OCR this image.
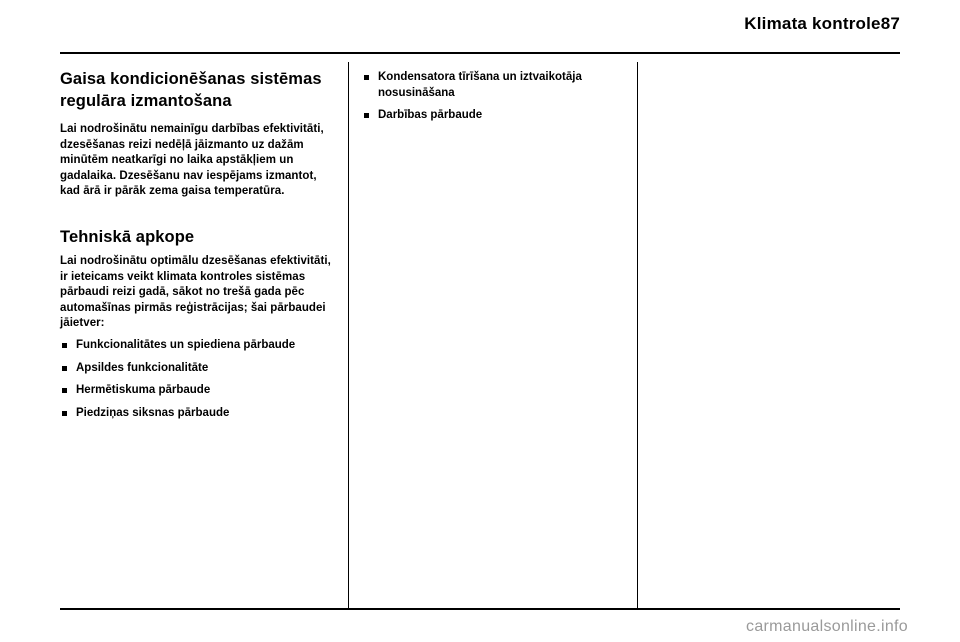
Klimata kontrole87
Gaisa kondicionēšanas sistēmas regulāra izmantošana

Lai nodrošinātu nemainīgu darbības efektivitāti, dzesēšanas reizi nedēļā jāizmanto uz dažām minūtēm neatkarīgi no laika apstākļiem un gadalaika. Dzesēšanu nav iespējams izmantot, kad ārā ir pārāk zema gaisa temperatūra.

Tehniskā apkope

Lai nodrošinātu optimālu dzesēšanas efektivitāti, ir ieteicams veikt klimata kontroles sistēmas pārbaudi reizi gadā, sākot no trešā gada pēc automašīnas pirmās reģistrācijas; šai pārbaudei jāietver:

Funkcionalitātes un spiediena pārbaude
Apsildes funkcionalitāte
Hermētiskuma pārbaude
Piedziņas siksnas pārbaude
Kondensatora tīrīšana un iztvaikotāja nosusināšana
Darbības pārbaude
carmanualsonline.info
